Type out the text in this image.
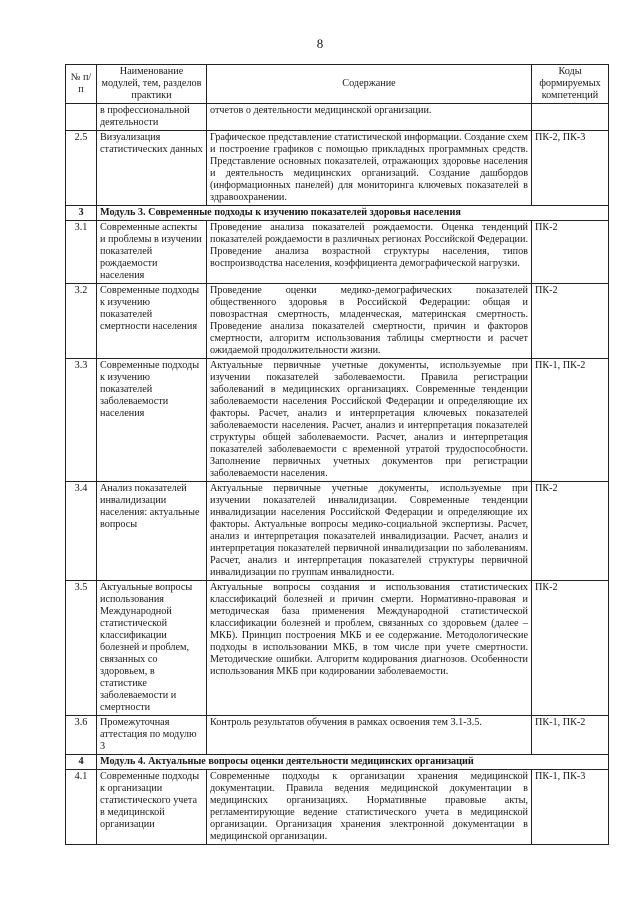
8
№ п/п	Наименование модулей, тем, разделов практики	Содержание	Коды формируемых компетенций
	в профессиональной деятельности	отчетов о деятельности медицинской организации.	
2.5	Визуализация статистических данных	Графическое представление статистической информации. Создание схем и построение графиков с помощью прикладных программных средств. Представление основных показателей, отражающих здоровье населения и деятельность медицинских организаций. Создание дашбордов (информационных панелей) для мониторинга ключевых показателей в здравоохранении.	ПК-2, ПК-3
3	Модуль 3. Современные подходы к изучению показателей здоровья населения		
3.1	Современные аспекты и проблемы в изучении показателей рождаемости населения	Проведение анализа показателей рождаемости. Оценка тенденций показателей рождаемости в различных регионах Российской Федерации. Проведение анализа возрастной структуры населения, типов воспроизводства населения, коэффициента демографической нагрузки.	ПК-2
3.2	Современные подходы к изучению показателей смертности населения	Проведение оценки медико-демографических показателей общественного здоровья в Российской Федерации: общая и повозрастная смертность, младенческая, материнская смертность. Проведение анализа показателей смертности, причин и факторов смертности, алгоритм использования таблицы смертности и расчет ожидаемой продолжительности жизни.	ПК-2
3.3	Современные подходы к изучению показателей заболеваемости населения	Актуальные первичные учетные документы, используемые при изучении показателей заболеваемости. Правила регистрации заболеваний в медицинских организациях. Современные тенденции заболеваемости населения Российской Федерации и определяющие их факторы. Расчет, анализ и интерпретация ключевых показателей заболеваемости населения. Расчет, анализ и интерпретация показателей структуры общей заболеваемости. Расчет, анализ и интерпретация показателей заболеваемости с временной утратой трудоспособности. Заполнение первичных учетных документов при регистрации заболеваемости населения.	ПК-1, ПК-2
3.4	Анализ показателей инвалидизации населения: актуальные вопросы	Актуальные первичные учетные документы, используемые при изучении показателей инвалидизации. Современные тенденции инвалидизации населения Российской Федерации и определяющие их факторы. Актуальные вопросы медико-социальной экспертизы. Расчет, анализ и интерпретация показателей инвалидизации. Расчет, анализ и интерпретация показателей первичной инвалидизации по заболеваниям. Расчет, анализ и интерпретация показателей структуры первичной инвалидизации по группам инвалидности.	ПК-2
3.5	Актуальные вопросы использования Международной статистической классификации болезней и проблем, связанных со здоровьем, в статистике заболеваемости и смертности	Актуальные вопросы создания и использования статистических классификаций болезней и причин смерти. Нормативно-правовая и методическая база применения Международной статистической классификации болезней и проблем, связанных со здоровьем (далее – МКБ). Принцип построения МКБ и ее содержание. Методологические подходы в использовании МКБ, в том числе при учете смертности. Методические ошибки. Алгоритм кодирования диагнозов. Особенности использования МКБ при кодировании заболеваемости.	ПК-2
3.6	Промежуточная аттестация по модулю 3	Контроль результатов обучения в рамках освоения тем 3.1-3.5.	ПК-1, ПК-2
4	Модуль 4. Актуальные вопросы оценки деятельности медицинских организаций		
4.1	Современные подходы к организации статистического учета в медицинской организации	Современные подходы к организации хранения медицинской документации. Правила ведения медицинской документации в медицинских организациях. Нормативные правовые акты, регламентирующие ведение статистического учета в медицинской организации. Организация хранения электронной документации в медицинской организации.	ПК-1, ПК-3
